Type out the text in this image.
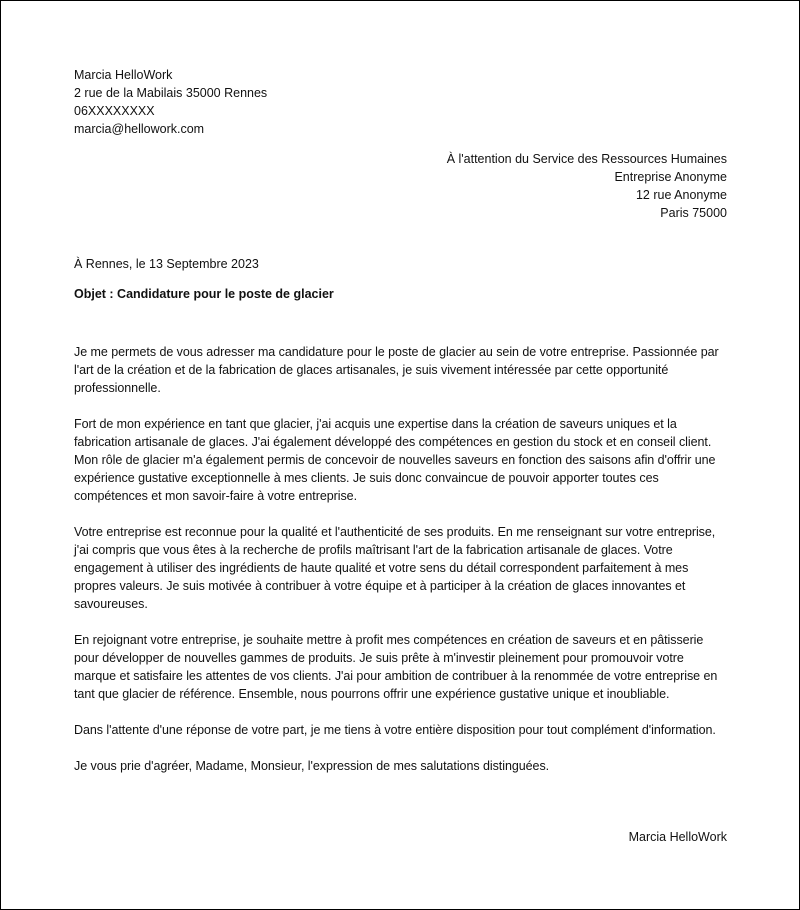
Marcia HelloWork
2 rue de la Mabilais 35000 Rennes
06XXXXXXXX
marcia@hellowork.com
À l'attention du Service des Ressources Humaines
Entreprise Anonyme
12 rue Anonyme
Paris 75000
À Rennes, le 13 Septembre 2023
Objet : Candidature pour le poste de glacier

Je me permets de vous adresser ma candidature pour le poste de glacier au sein de votre entreprise. Passionnée par l'art de la création et de la fabrication de glaces artisanales, je suis vivement intéressée par cette opportunité professionnelle.

Fort de mon expérience en tant que glacier, j'ai acquis une expertise dans la création de saveurs uniques et la fabrication artisanale de glaces. J'ai également développé des compétences en gestion du stock et en conseil client. Mon rôle de glacier m'a également permis de concevoir de nouvelles saveurs en fonction des saisons afin d'offrir une expérience gustative exceptionnelle à mes clients. Je suis donc convaincue de pouvoir apporter toutes ces compétences et mon savoir-faire à votre entreprise.

Votre entreprise est reconnue pour la qualité et l'authenticité de ses produits. En me renseignant sur votre entreprise, j'ai compris que vous êtes à la recherche de profils maîtrisant l'art de la fabrication artisanale de glaces. Votre engagement à utiliser des ingrédients de haute qualité et votre sens du détail correspondent parfaitement à mes propres valeurs. Je suis motivée à contribuer à votre équipe et à participer à la création de glaces innovantes et savoureuses.

En rejoignant votre entreprise, je souhaite mettre à profit mes compétences en création de saveurs et en pâtisserie pour développer de nouvelles gammes de produits. Je suis prête à m'investir pleinement pour promouvoir votre marque et satisfaire les attentes de vos clients. J'ai pour ambition de contribuer à la renommée de votre entreprise en tant que glacier de référence. Ensemble, nous pourrons offrir une expérience gustative unique et inoubliable.

Dans l'attente d'une réponse de votre part, je me tiens à votre entière disposition pour tout complément d'information.

Je vous prie d'agréer, Madame, Monsieur, l'expression de mes salutations distinguées.

Marcia HelloWork
